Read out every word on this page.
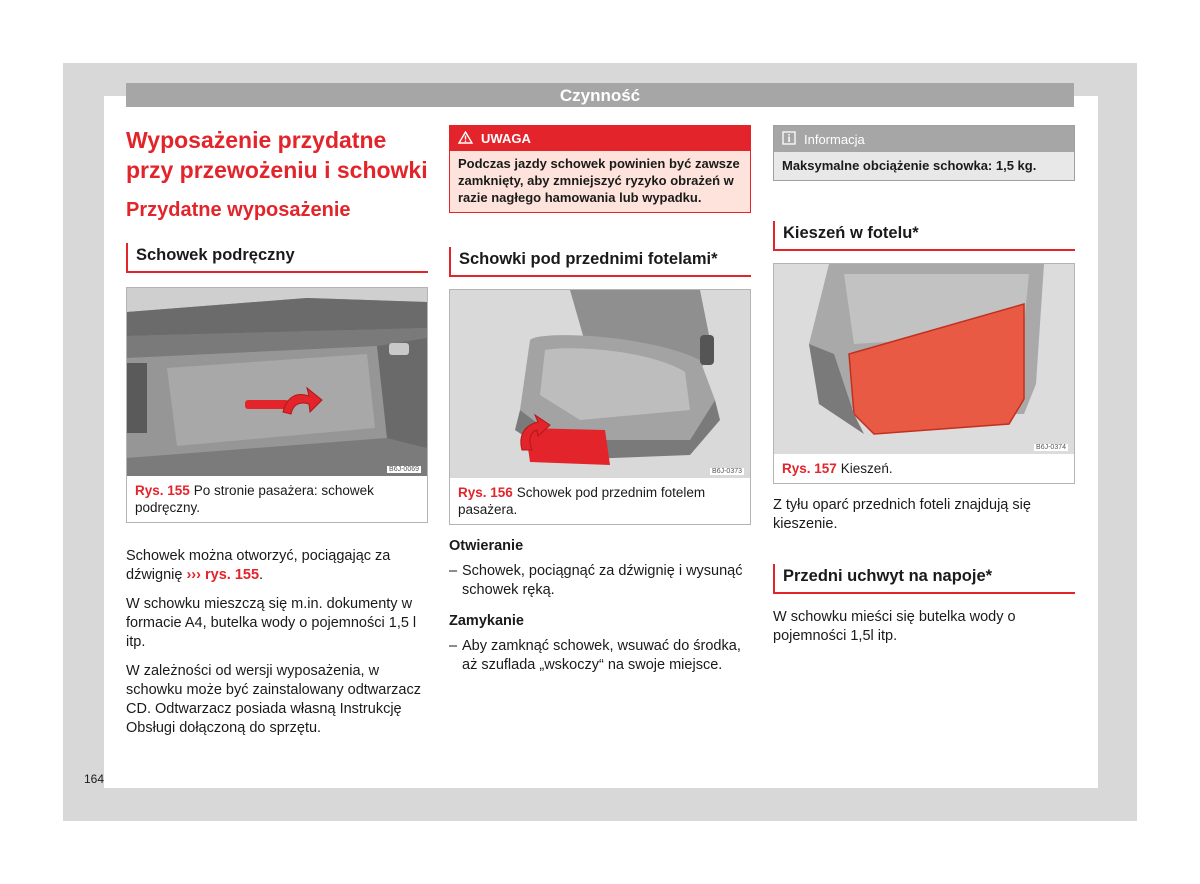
Czynność
Wyposażenie przydatne przy przewożeniu i schowki
Przydatne wyposażenie
Schowek podręczny
B6J-0069
Rys. 155 Po stronie pasażera: schowek podręczny.

Schowek można otworzyć, pociągając za dźwignię ››› rys. 155.

W schowku mieszczą się m.in. dokumenty w formacie A4, butelka wody o pojemności 1,5 l itp.

W zależności od wersji wyposażenia, w schowku może być zainstalowany odtwarzacz CD. Odtwarzacz posiada własną Instrukcję Obsługi dołączoną do sprzętu.

UWAGA
Podczas jazdy schowek powinien być zawsze zamknięty, aby zmniejszyć ryzyko obrażeń w razie nagłego hamowania lub wypadku.
Schowki pod przednimi fotelami*
B6J-0373
Rys. 156 Schowek pod przednim fotelem pasażera.
Otwieranie
– Schowek, pociągnąć za dźwignię i wysunąć schowek ręką.
Zamykanie
– Aby zamknąć schowek, wsuwać do środka, aż szuflada „wskoczy“ na swoje miejsce.
Informacja
Maksymalne obciążenie schowka: 1,5 kg.
Kieszeń w fotelu*
B6J-0374
Rys. 157 Kieszeń.

Z tyłu oparć przednich foteli znajdują się kieszenie.

Przedni uchwyt na napoje*

W schowku mieści się butelka wody o pojemności 1,5l itp.

164
